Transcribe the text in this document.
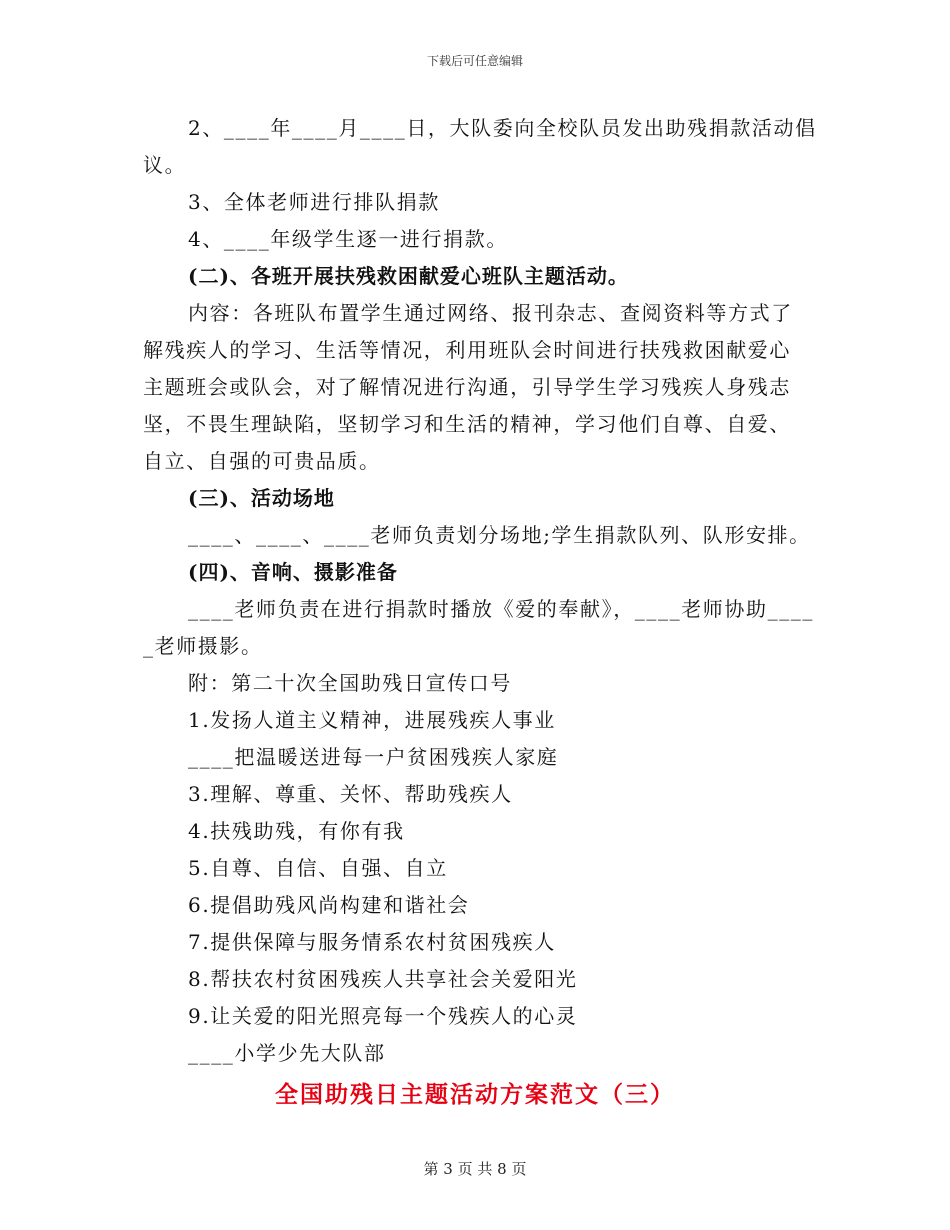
下载后可任意编辑
2、____年____月____日，大队委向全校队员发出助残捐款活动倡
议。
3、全体老师进行排队捐款
4、____年级学生逐一进行捐款。
(二)、各班开展扶残救困献爱心班队主题活动。
内容：各班队布置学生通过网络、报刊杂志、查阅资料等方式了
解残疾人的学习、生活等情况，利用班队会时间进行扶残救困献爱心
主题班会或队会，对了解情况进行沟通，引导学生学习残疾人身残志
坚，不畏生理缺陷，坚韧学习和生活的精神，学习他们自尊、自爱、
自立、自强的可贵品质。
(三)、活动场地
____、____、____老师负责划分场地;学生捐款队列、队形安排。
(四)、音响、摄影准备
____老师负责在进行捐款时播放《爱的奉献》，____老师协助____
_老师摄影。
附：第二十次全国助残日宣传口号
1.发扬人道主义精神，进展残疾人事业
____把温暖送进每一户贫困残疾人家庭
3.理解、尊重、关怀、帮助残疾人
4.扶残助残，有你有我
5.自尊、自信、自强、自立
6.提倡助残风尚构建和谐社会
7.提供保障与服务情系农村贫困残疾人
8.帮扶农村贫困残疾人共享社会关爱阳光
9.让关爱的阳光照亮每一个残疾人的心灵
____小学少先大队部
全国助残日主题活动方案范文（三）
第 3 页 共 8 页
